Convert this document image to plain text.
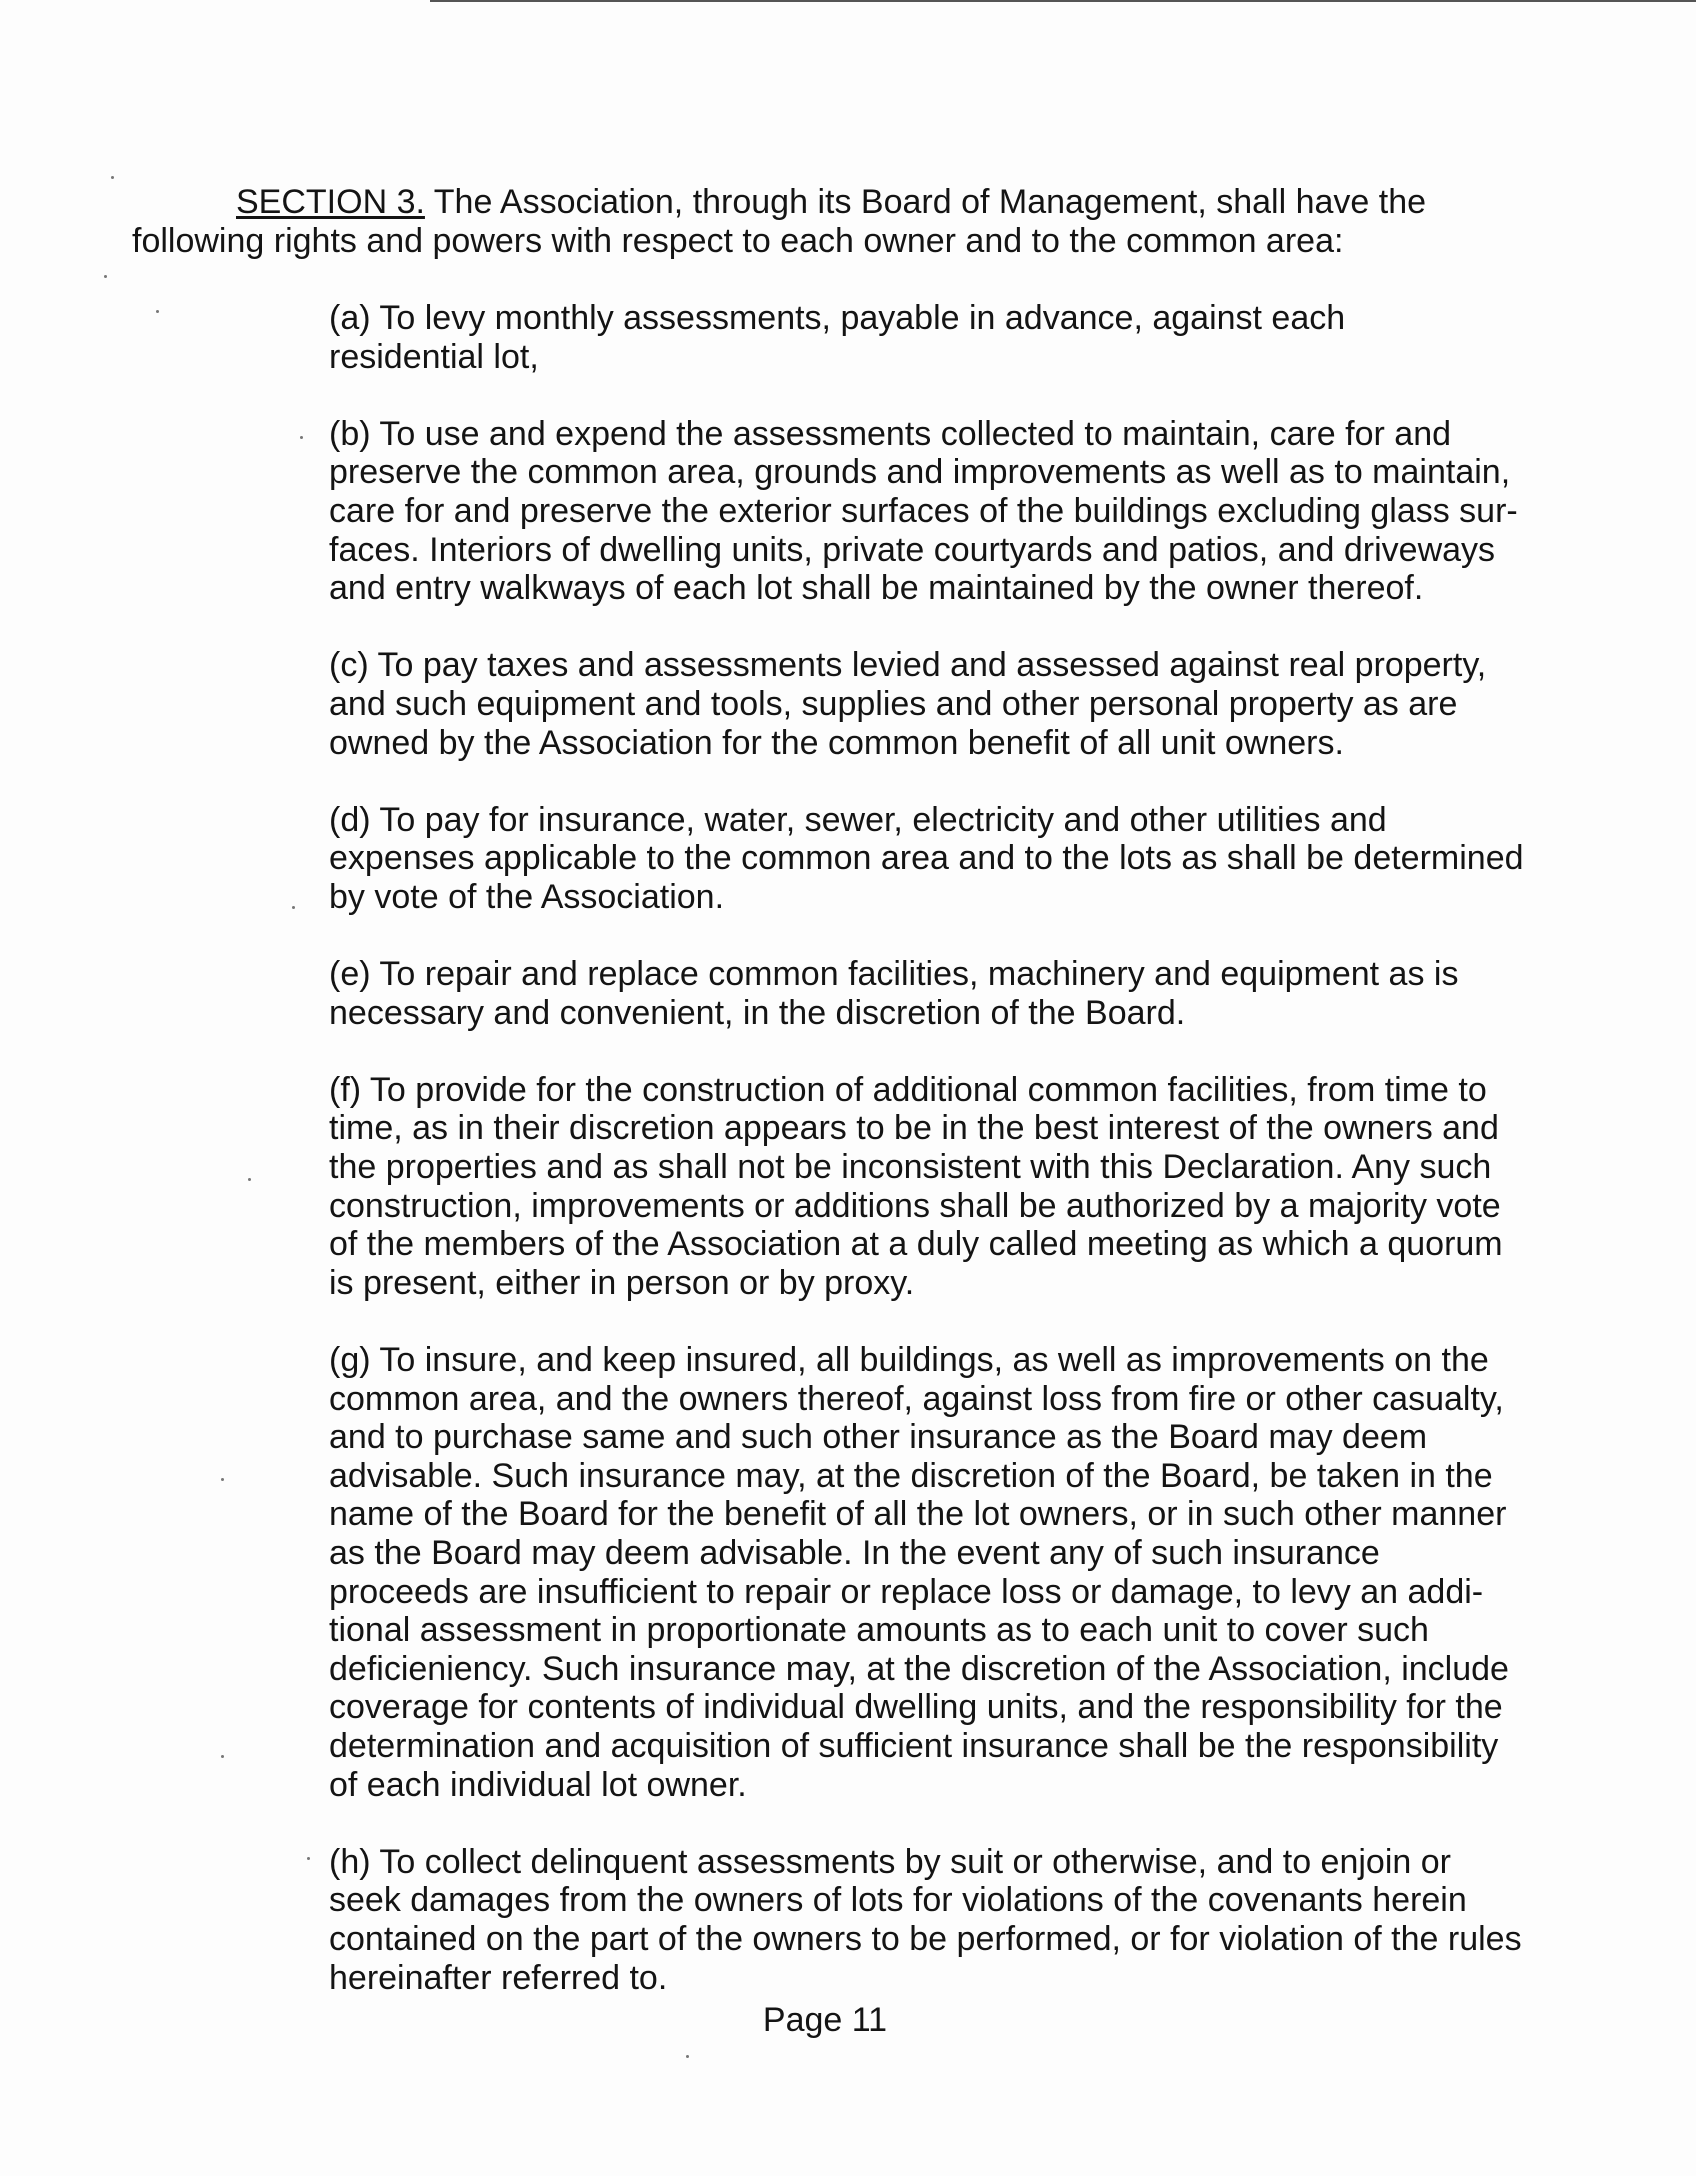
SECTION 3. The Association, through its Board of Management, shall have the
following rights and powers with respect to each owner and to the common area:

(a) To levy monthly assessments, payable in advance, against each
residential lot,

(b) To use and expend the assessments collected to maintain, care for and
preserve the common area, grounds and improvements as well as to maintain,
care for and preserve the exterior surfaces of the buildings excluding glass sur-
faces. Interiors of dwelling units, private courtyards and patios, and driveways
and entry walkways of each lot shall be maintained by the owner thereof.

(c) To pay taxes and assessments levied and assessed against real property,
and such equipment and tools, supplies and other personal property as are
owned by the Association for the common benefit of all unit owners.

(d) To pay for insurance, water, sewer, electricity and other utilities and
expenses applicable to the common area and to the lots as shall be determined
by vote of the Association.

(e) To repair and replace common facilities, machinery and equipment as is
necessary and convenient, in the discretion of the Board.

(f) To provide for the construction of additional common facilities, from time to
time, as in their discretion appears to be in the best interest of the owners and
the properties and as shall not be inconsistent with this Declaration. Any such
construction, improvements or additions shall be authorized by a majority vote
of the members of the Association at a duly called meeting as which a quorum
is present, either in person or by proxy.

(g) To insure, and keep insured, all buildings, as well as improvements on the
common area, and the owners thereof, against loss from fire or other casualty,
and to purchase same and such other insurance as the Board may deem
advisable. Such insurance may, at the discretion of the Board, be taken in the
name of the Board for the benefit of all the lot owners, or in such other manner
as the Board may deem advisable. In the event any of such insurance
proceeds are insufficient to repair or replace loss or damage, to levy an addi-
tional assessment in proportionate amounts as to each unit to cover such
deficieniency. Such insurance may, at the discretion of the Association, include
coverage for contents of individual dwelling units, and the responsibility for the
determination and acquisition of sufficient insurance shall be the responsibility
of each individual lot owner.

(h) To collect delinquent assessments by suit or otherwise, and to enjoin or
seek damages from the owners of lots for violations of the covenants herein
contained on the part of the owners to be performed, or for violation of the rules
hereinafter referred to.

Page 11
